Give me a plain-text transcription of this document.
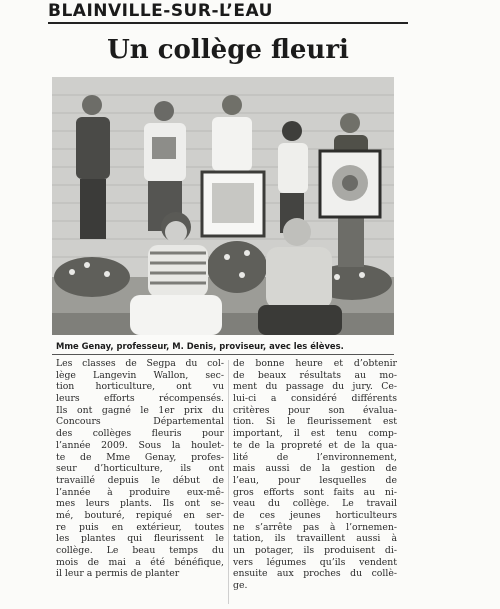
BLAINVILLE-SUR-L’EAU
Un collège fleuri
Mme Genay, professeur, M. Denis, proviseur, avec les élèves.
Les classes de Segpa du col-
lège Langevin Wallon, sec-
tion horticulture, ont vu
leurs efforts récompensés.
Ils ont gagné le 1er prix du
Concours Départemental
des collèges fleuris pour
l’année 2009. Sous la houlet-
te de Mme Genay, profes-
seur d’horticulture, ils ont
travaillé depuis le début de
l’année à produire eux-mê-
mes leurs plants. Ils ont se-
mé, bouturé, repiqué en ser-
re puis en extérieur, toutes
les plantes qui fleurissent le
collège. Le beau temps du
mois de mai a été bénéfique,
il leur a permis de planter
de bonne heure et d’obtenir
de beaux résultats au mo-
ment du passage du jury. Ce-
lui-ci a considéré différents
critères pour son évalua-
tion. Si le fleurissement est
important, il est tenu comp-
te de la propreté et de la qua-
lité de l’environnement,
mais aussi de la gestion de
l’eau, pour lesquelles de
gros efforts sont faits au ni-
veau du collège. Le travail
de ces jeunes horticulteurs
ne s’arrête pas à l’ornemen-
tation, ils travaillent aussi à
un potager, ils produisent di-
vers légumes qu’ils vendent
ensuite aux proches du collè-
ge.
